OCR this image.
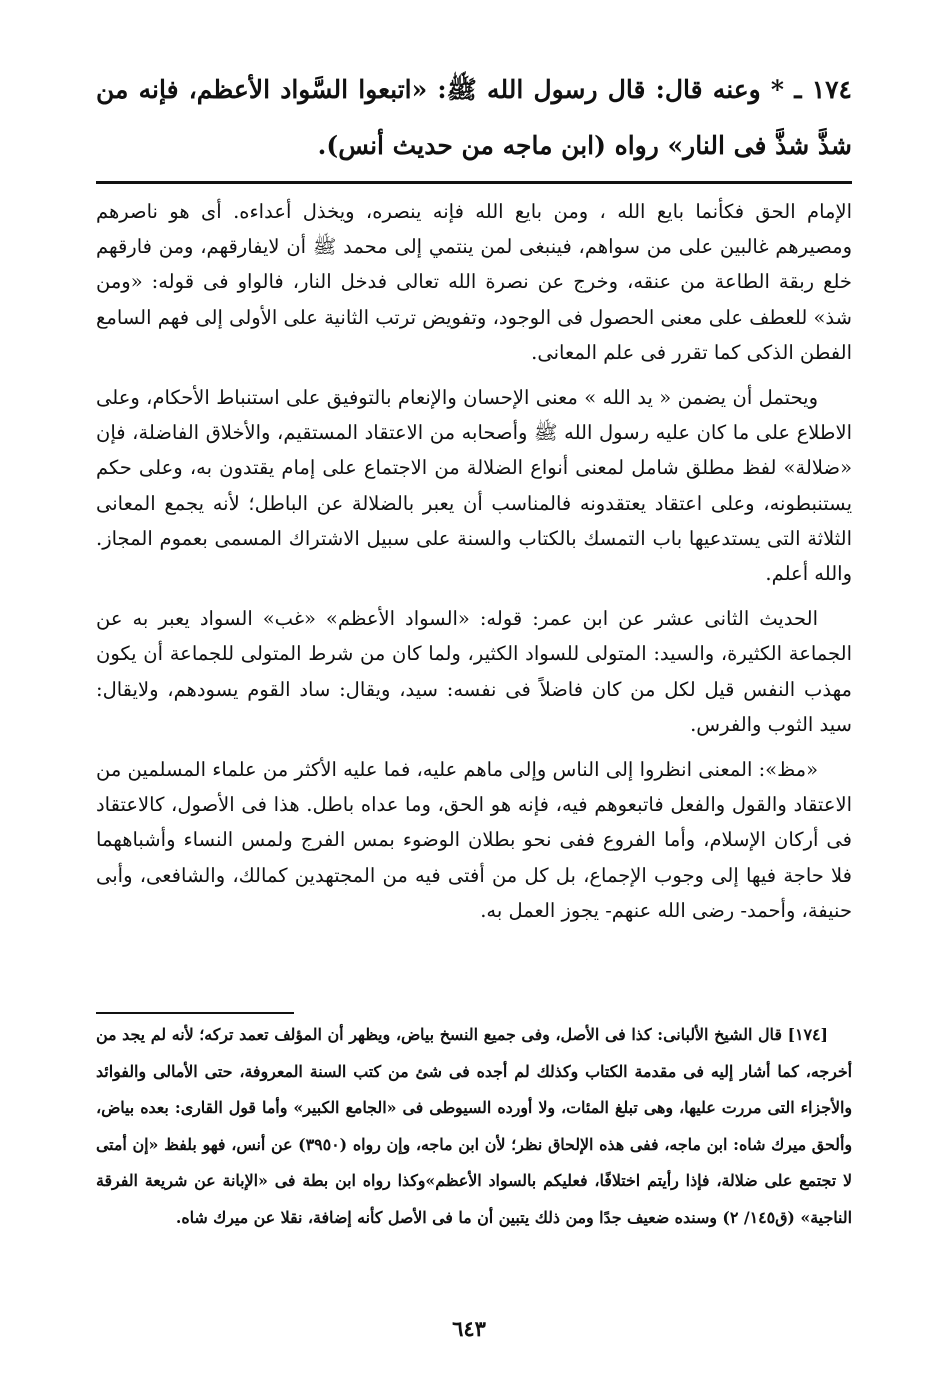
١٧٤ ـ * وعنه قال: قال رسول الله ﷺ: «اتبعوا السَّواد الأعظم، فإنه من شذَّ شذَّ فى النار» رواه (ابن ماجه من حديث أنس).

الإمام الحق فكأنما بايع الله ، ومن بايع الله فإنه ينصره، ويخذل أعداءه. أى هو ناصرهم ومصيرهم غالبين على من سواهم، فينبغى لمن ينتمي إلى محمد ﷺ أن لايفارقهم، ومن فارقهم خلع ربقة الطاعة من عنقه، وخرج عن نصرة الله تعالى فدخل النار، فالواو فى قوله: «ومن شذ» للعطف على معنى الحصول فى الوجود، وتفويض ترتب الثانية على الأولى إلى فهم السامع الفطن الذكى كما تقرر فى علم المعانى.

ويحتمل أن يضمن « يد الله » معنى الإحسان والإنعام بالتوفيق على استنباط الأحكام، وعلى الاطلاع على ما كان عليه رسول الله ﷺ وأصحابه من الاعتقاد المستقيم، والأخلاق الفاضلة، فإن «ضلالة» لفظ مطلق شامل لمعنى أنواع الضلالة من الاجتماع على إمام يقتدون به، وعلى حكم يستنبطونه، وعلى اعتقاد يعتقدونه فالمناسب أن يعبر بالضلالة عن الباطل؛ لأنه يجمع المعانى الثلاثة التى يستدعيها باب التمسك بالكتاب والسنة على سبيل الاشتراك المسمى بعموم المجاز. والله أعلم.

الحديث الثانى عشر عن ابن عمر: قوله: «السواد الأعظم» «غب» السواد يعبر به عن الجماعة الكثيرة، والسيد: المتولى للسواد الكثير، ولما كان من شرط المتولى للجماعة أن يكون مهذب النفس قيل لكل من كان فاضلاً فى نفسه: سيد، ويقال: ساد القوم يسودهم، ولايقال: سيد الثوب والفرس.

«مظ»: المعنى انظروا إلى الناس وإلى ماهم عليه، فما عليه الأكثر من علماء المسلمين من الاعتقاد والقول والفعل فاتبعوهم فيه، فإنه هو الحق، وما عداه باطل. هذا فى الأصول، كالاعتقاد فى أركان الإسلام، وأما الفروع ففى نحو بطلان الوضوء بمس الفرج ولمس النساء وأشباههما فلا حاجة فيها إلى وجوب الإجماع، بل كل من أفتى فيه من المجتهدين كمالك، والشافعى، وأبى حنيفة، وأحمد- رضى الله عنهم- يجوز العمل به.

[١٧٤] قال الشيخ الألبانى: كذا فى الأصل، وفى جميع النسخ بياض، ويظهر أن المؤلف تعمد تركه؛ لأنه لم يجد من أخرجه، كما أشار إليه فى مقدمة الكتاب وكذلك لم أجده فى شئ من كتب السنة المعروفة، حتى الأمالى والفوائد والأجزاء التى مررت عليها، وهى تبلغ المئات، ولا أورده السيوطى فى «الجامع الكبير» وأما قول القارى: بعده بياض، وألحق ميرك شاه: ابن ماجه، ففى هذه الإلحاق نظر؛ لأن ابن ماجه، وإن رواه (٣٩٥٠) عن أنس، فهو بلفظ «إن أمتى لا تجتمع على ضلالة، فإذا رأيتم اختلافًا، فعليكم بالسواد الأعظم»وكذا رواه ابن بطة فى «الإبانة عن شريعة الفرقة الناجية» (ق١٤٥/ ٢) وسنده ضعيف جدًا ومن ذلك يتبين أن ما فى الأصل كأنه إضافة، نقلا عن ميرك شاه.
٦٤٣
